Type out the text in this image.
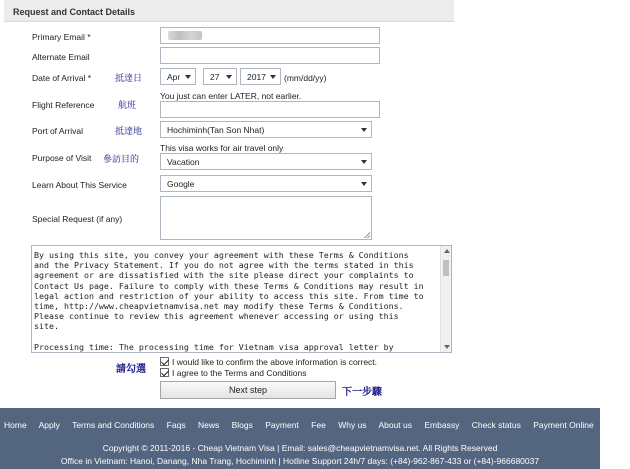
Request and Contact Details
Primary Email *
Alternate Email
Date of Arrival *	抵達日	Apr	27	2017	(mm/dd/yy)
You just can enter LATER, not earlier.
Flight Reference	航班
Port of Arrival	抵達地	Hochiminh(Tan Son Nhat)
This visa works for air travel only
Purpose of Visit 參訪目的	Vacation
Learn About This Service	Google
Special Request (if any)
By using this site, you convey your agreement with these Terms & Conditions
and the Privacy Statement. If you do not agree with the terms stated in this
agreement or are dissatisfied with the site please direct your complaints to
Contact Us page. Failure to comply with these Terms & Conditions may result in
legal action and restriction of your ability to access this site. From time to
time, http://www.cheapvietnamvisa.net may modify these Terms & Conditions.
Please continue to review this agreement whenever accessing or using this
site.

Processing time: The processing time for Vietnam visa approval letter by
請勾選
I would like to confirm the above information is correct.
I agree to the Terms and Conditions
Next step	下一步驟
Home Apply Terms and Conditions Faqs News Blogs Payment Fee Why us About us Embassy Check status Payment Online Top
Copyright © 2011-2016 - Cheap Vietnam Visa | Email: sales@cheapvietnamvisa.net. All Rights Reserved
Office in Vietnam: Hanoi, Danang, Nha Trang, Hochiminh | Hotline Support 24h/7 days: (+84)-962-867-433 or (+84)-966680037
